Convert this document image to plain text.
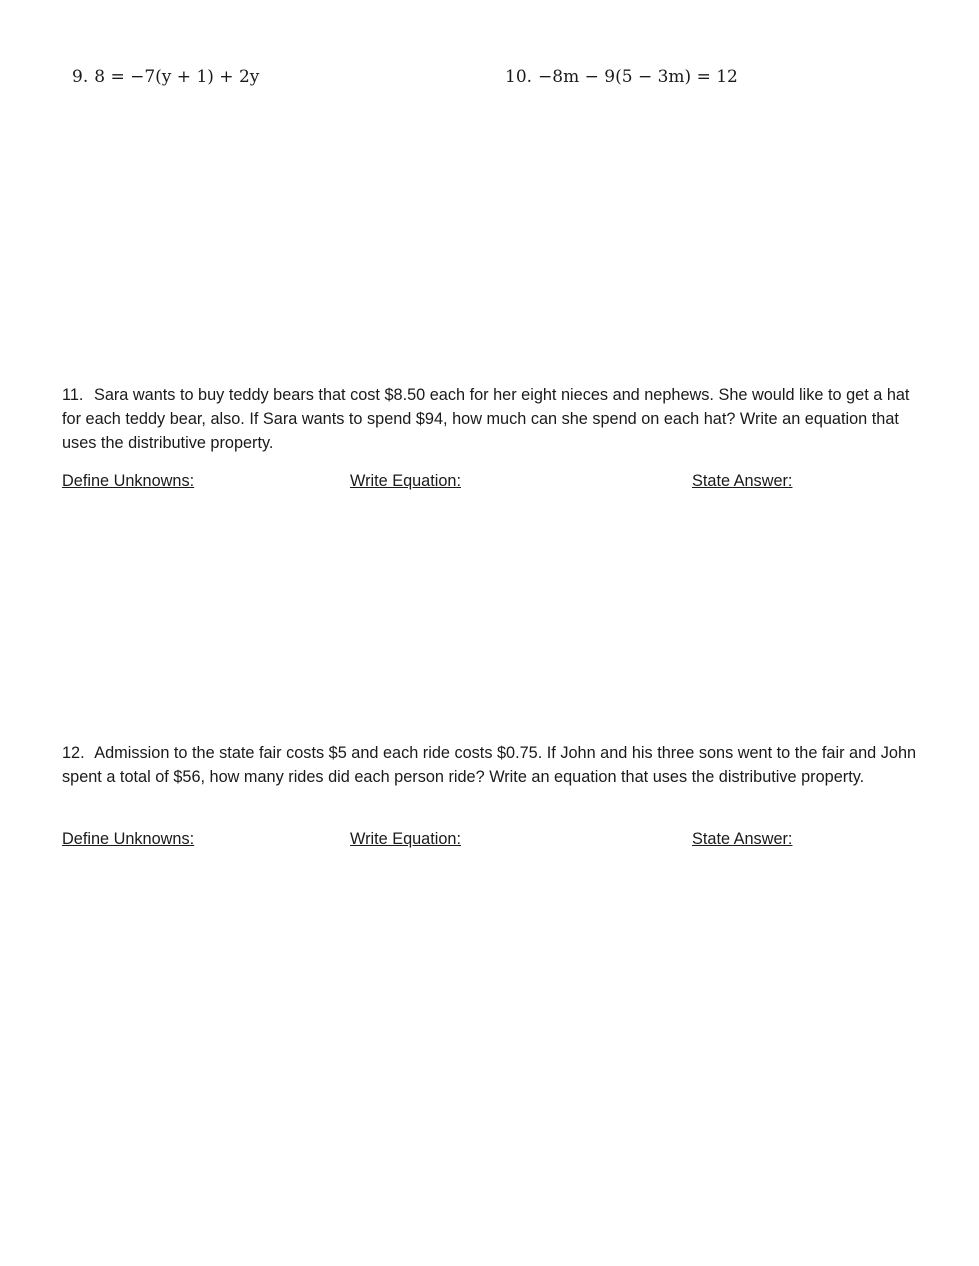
9. 8 = −7(y + 1) + 2y	10. −8m − 9(5 − 3m) = 12
11. Sara wants to buy teddy bears that cost $8.50 each for her eight nieces and nephews. She would like to get a hat for each teddy bear, also. If Sara wants to spend $94, how much can she spend on each hat? Write an equation that uses the distributive property.
Define Unknowns:	Write Equation:	State Answer:
12. Admission to the state fair costs $5 and each ride costs $0.75. If John and his three sons went to the fair and John spent a total of $56, how many rides did each person ride? Write an equation that uses the distributive property.
Define Unknowns:	Write Equation:	State Answer:
